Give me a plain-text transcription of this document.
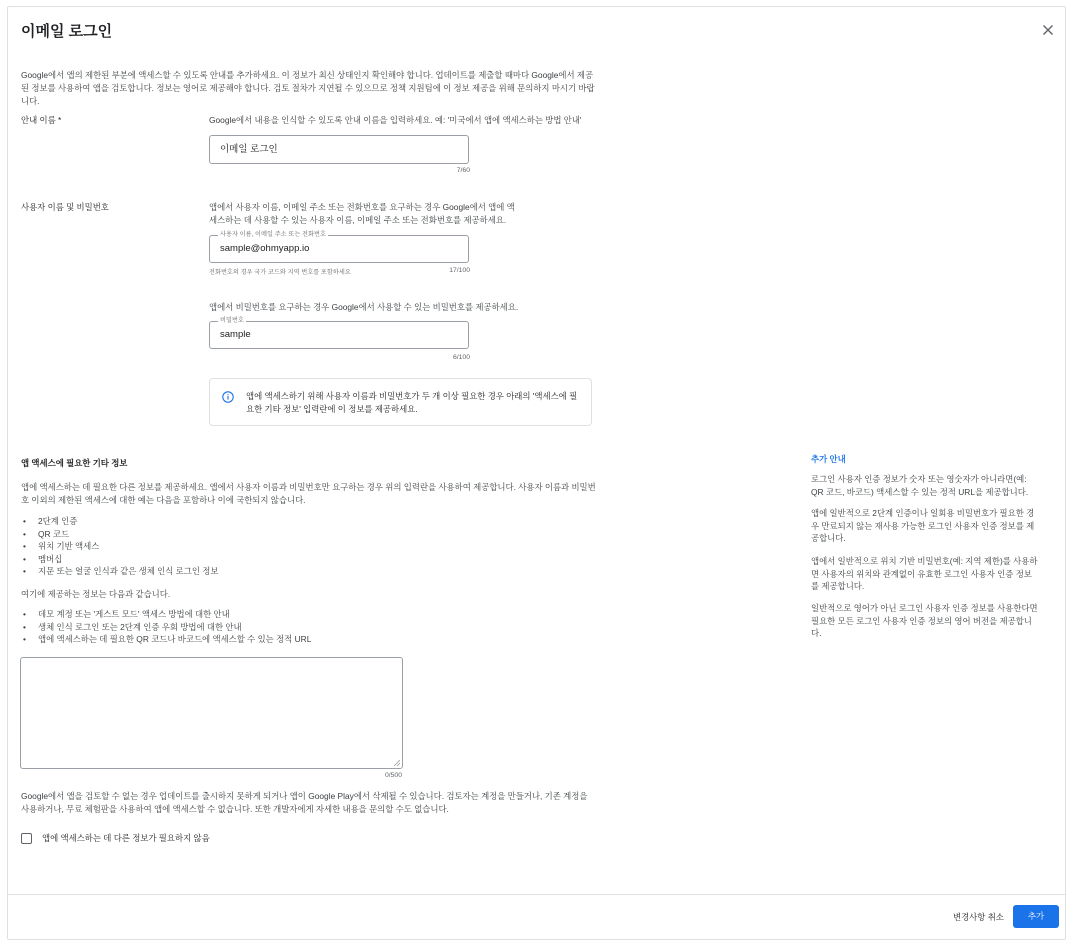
이메일 로그인
Google에서 앱의 제한된 부분에 액세스할 수 있도록 안내를 추가하세요. 이 정보가 최신 상태인지 확인해야 합니다. 업데이트를 제출할 때마다 Google에서 제공된 정보를 사용하여 앱을 검토합니다. 정보는 영어로 제공해야 합니다. 검토 절차가 지연될 수 있으므로 정책 지원팀에 이 정보 제공을 위해 문의하지 마시기 바랍니다.
안내 이름 *	Google에서 내용을 인식할 수 있도록 안내 이름을 입력하세요. 예: '미국에서 앱에 액세스하는 방법 안내'
이메일 로그인
7/60
사용자 이름 및 비밀번호	앱에서 사용자 이름, 이메일 주소 또는 전화번호를 요구하는 경우 Google에서 앱에 액세스하는 데 사용할 수 있는 사용자 이름, 이메일 주소 또는 전화번호를 제공하세요.
사용자 이름, 이메일 주소 또는 전화번호
sample@ohmyapp.io
전화번호의 경우 국가 코드와 지역 번호를 포함하세요	17/100
앱에서 비밀번호를 요구하는 경우 Google에서 사용할 수 있는 비밀번호를 제공하세요.
비밀번호
sample
6/100
앱에 액세스하기 위해 사용자 이름과 비밀번호가 두 개 이상 필요한 경우 아래의 '액세스에 필요한 기타 정보' 입력란에 이 정보를 제공하세요.
앱 액세스에 필요한 기타 정보
앱에 액세스하는 데 필요한 다른 정보를 제공하세요. 앱에서 사용자 이름과 비밀번호만 요구하는 경우 위의 입력란을 사용하여 제공합니다. 사용자 이름과 비밀번호 이외의 제한된 액세스에 대한 예는 다음을 포함하나 이에 국한되지 않습니다.
• 2단계 인증
• QR 코드
• 위치 기반 액세스
• 멤버십
• 지문 또는 얼굴 인식과 같은 생체 인식 로그인 정보
여기에 제공하는 정보는 다음과 같습니다.
• 데모 계정 또는 '게스트 모드' 액세스 방법에 대한 안내
• 생체 인식 로그인 또는 2단계 인증 우회 방법에 대한 안내
• 앱에 액세스하는 데 필요한 QR 코드나 바코드에 액세스할 수 있는 정적 URL
0/500
Google에서 앱을 검토할 수 없는 경우 업데이트를 출시하지 못하게 되거나 앱이 Google Play에서 삭제될 수 있습니다. 검토자는 계정을 만들거나, 기존 계정을 사용하거나, 무료 체험판을 사용하여 앱에 액세스할 수 없습니다. 또한 개발자에게 자세한 내용을 문의할 수도 없습니다.
앱에 액세스하는 데 다른 정보가 필요하지 않음
추가 안내
로그인 사용자 인증 정보가 숫자 또는 영숫자가 아니라면(예: QR 코드, 바코드) 액세스할 수 있는 정적 URL을 제공합니다.
앱에 일반적으로 2단계 인증이나 일회용 비밀번호가 필요한 경우 만료되지 않는 재사용 가능한 로그인 사용자 인증 정보를 제공합니다.
앱에서 일반적으로 위치 기반 비밀번호(예: 지역 제한)를 사용하면 사용자의 위치와 관계없이 유효한 로그인 사용자 인증 정보를 제공합니다.
일반적으로 영어가 아닌 로그인 사용자 인증 정보를 사용한다면 필요한 모든 로그인 사용자 인증 정보의 영어 버전을 제공합니다.
변경사항 취소	추가
